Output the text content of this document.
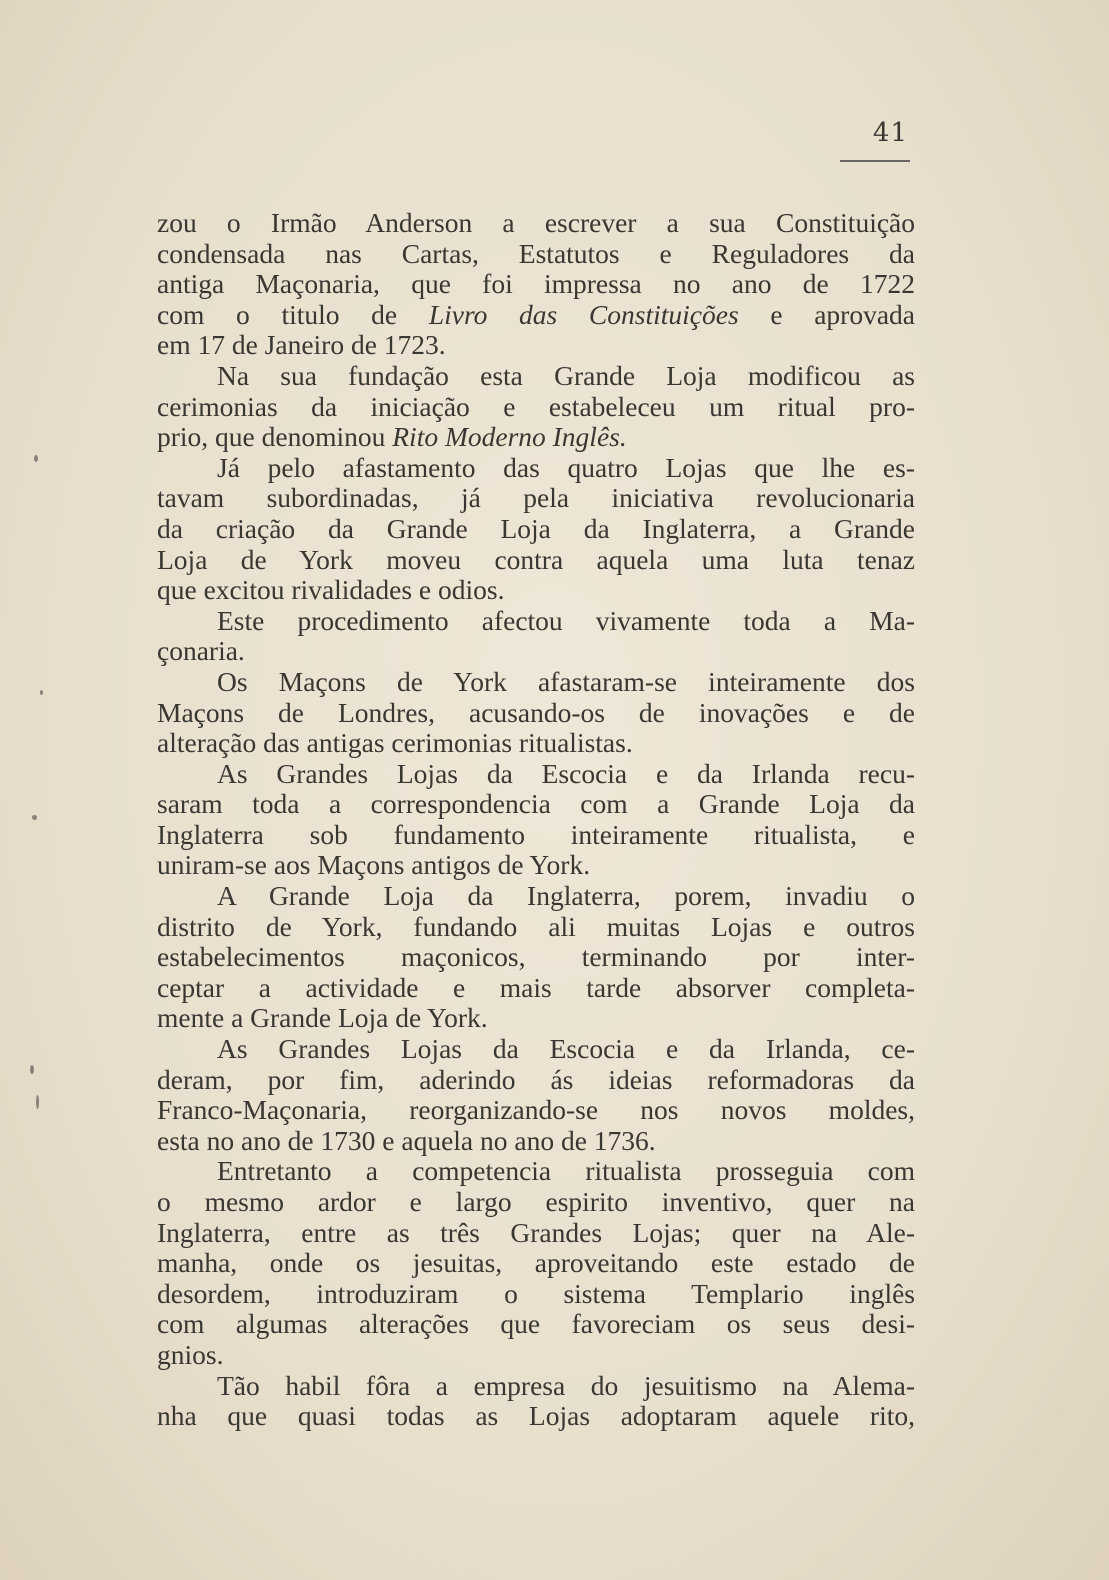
41
zou o Irmão Anderson a escrever a sua Constituição
condensada nas Cartas, Estatutos e Reguladores da
antiga Maçonaria, que foi impressa no ano de 1722
com o titulo de Livro das Constituições e aprovada
em 17 de Janeiro de 1723.
Na sua fundação esta Grande Loja modificou as
cerimonias da iniciação e estabeleceu um ritual pro-
prio, que denominou Rito Moderno Inglês.
Já pelo afastamento das quatro Lojas que lhe es-
tavam subordinadas, já pela iniciativa revolucionaria
da criação da Grande Loja da Inglaterra, a Grande
Loja de York moveu contra aquela uma luta tenaz
que excitou rivalidades e odios.
Este procedimento afectou vivamente toda a Ma-
çonaria.
Os Maçons de York afastaram-se inteiramente dos
Maçons de Londres, acusando-os de inovações e de
alteração das antigas cerimonias ritualistas.
As Grandes Lojas da Escocia e da Irlanda recu-
saram toda a correspondencia com a Grande Loja da
Inglaterra sob fundamento inteiramente ritualista, e
uniram-se aos Maçons antigos de York.
A Grande Loja da Inglaterra, porem, invadiu o
distrito de York, fundando ali muitas Lojas e outros
estabelecimentos maçonicos, terminando por inter-
ceptar a actividade e mais tarde absorver completa-
mente a Grande Loja de York.
As Grandes Lojas da Escocia e da Irlanda, ce-
deram, por fim, aderindo ás ideias reformadoras da
Franco-Maçonaria, reorganizando-se nos novos moldes,
esta no ano de 1730 e aquela no ano de 1736.
Entretanto a competencia ritualista prosseguia com
o mesmo ardor e largo espirito inventivo, quer na
Inglaterra, entre as três Grandes Lojas; quer na Ale-
manha, onde os jesuitas, aproveitando este estado de
desordem, introduziram o sistema Templario inglês
com algumas alterações que favoreciam os seus desi-
gnios.
Tão habil fôra a empresa do jesuitismo na Alema-
nha que quasi todas as Lojas adoptaram aquele rito,
